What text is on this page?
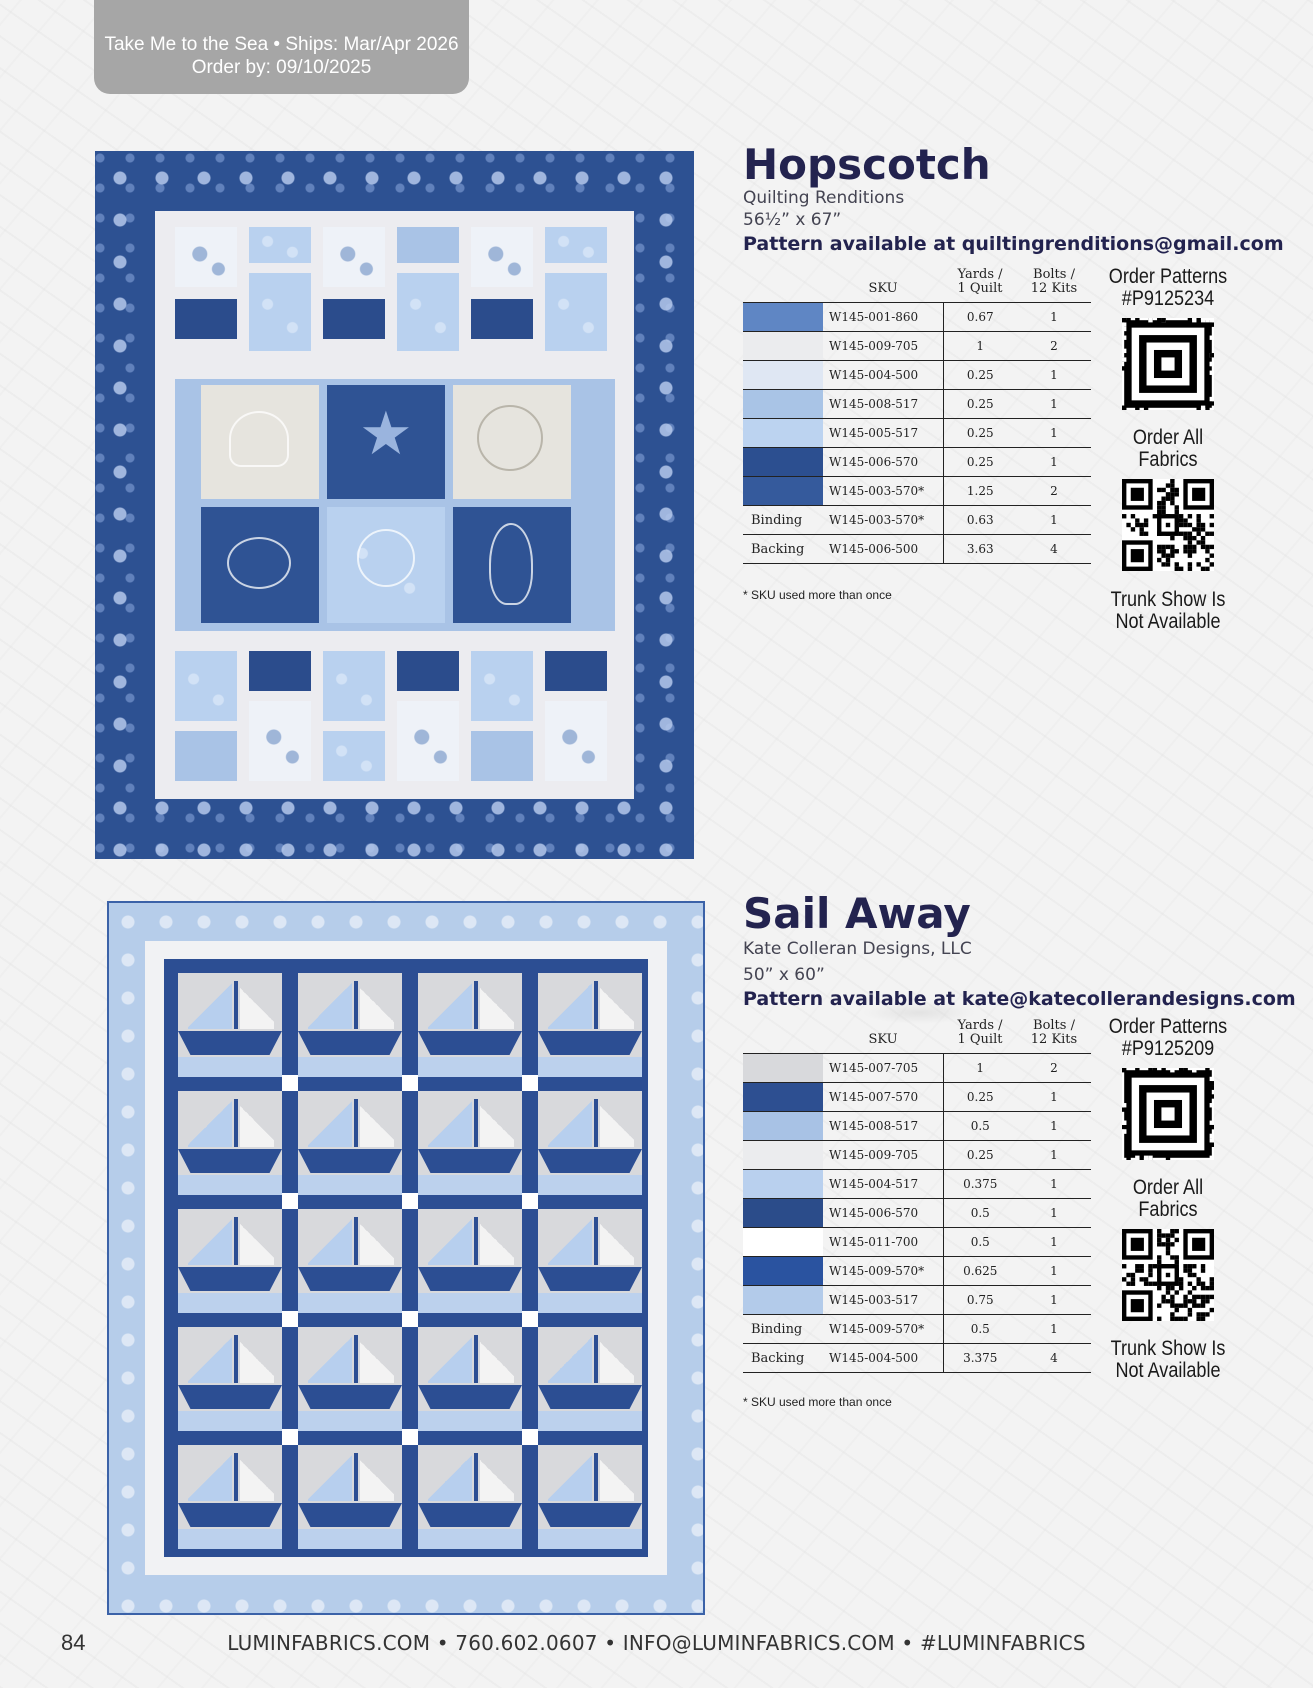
Take Me to the Sea • Ships: Mar/Apr 2026
Order by: 09/10/2025
★
Hopscotch
Quilting Renditions
56½” x 67”
Pattern available at quiltingrenditions@gmail.com
	SKU	Yards /
1 Quilt	Bolts /
12 Kits

	W145-001-860	0.67	1

	W145-009-705	1	2

	W145-004-500	0.25	1

	W145-008-517	0.25	1

	W145-005-517	0.25	1

	W145-006-570	0.25	1

	W145-003-570*	1.25	2
Binding	W145-003-570*	0.63	1
Backing	W145-006-500	3.63	4
* SKU used more than once
Order Patterns
#P9125234
Order All
Fabrics
Trunk Show Is
Not Available
Sail Away
Kate Colleran Designs, LLC
50” x 60”
Pattern available at kate@katecollerandesigns.com
	SKU	Yards /
1 Quilt	Bolts /
12 Kits

	W145-007-705	1	2

	W145-007-570	0.25	1

	W145-008-517	0.5	1

	W145-009-705	0.25	1

	W145-004-517	0.375	1

	W145-006-570	0.5	1

	W145-011-700	0.5	1

	W145-009-570*	0.625	1

	W145-003-517	0.75	1
Binding	W145-009-570*	0.5	1
Backing	W145-004-500	3.375	4
* SKU used more than once
Order Patterns
#P9125209
Order All
Fabrics
Trunk Show Is
Not Available
84	LUMINFABRICS.COM • 760.602.0607 • INFO@LUMINFABRICS.COM • #LUMINFABRICS
